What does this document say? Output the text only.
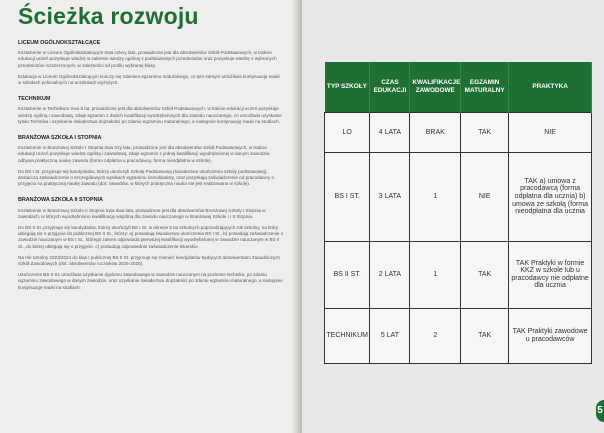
Ścieżka rozwoju
LICEUM OGÓLNOKSZTAŁCĄCE

Kształcenie w Liceum Ogólnokształcącym trwa cztery lata, prowadzone jest dla absolwentów Szkół Podstawowych, w trakcie edukacji uczeń pozyskuje wiedzę w zakresie wiedzy ogólnej z podstawowych przedmiotów oraz pozyskuje wiedzę z wybranych przedmiotów rozszerzonych, w zależności od profilu wybranej klasy.

Edukacja w Liceum Ogólnokształcącym kończy się zdaniem egzaminu maturalnego, co tym samym umożliwia kontynuację nauki w szkołach policealnych na uczelniach wyższych.

TECHNIKUM

Kształcenie w Technikum trwa 5 lat, prowadzone jest dla absolwentów Szkół Podstawowych, w trakcie edukacji uczeń pozyskuje wiedzę ogólną i zawodową, zdaje egzamin z dwóch kwalifikacji wyodrębnionych dla zawodu nauczanego, co umożliwia uzyskanie tytułu Technika i uzyskanie świadectwa dojrzałości po zdaniu egzaminu maturalnego, a następnie kontynuację nauki na studiach.

BRANŻOWA SZKOŁA I STOPNIA

Kształcenie w Branżowej Szkole I Stopnia trwa trzy lata, prowadzone jest dla absolwentów Szkół Podstawowych, w trakcie edukacji uczeń pozyskuje wiedzę ogólną i zawodową, zdaje egzamin z jednej kwalifikacji wyodrębnionej w danym zawodzie, odbywa praktyczną naukę zawodu (forma odpłatna u pracodawcy, forma nieodpłatna w szkole).

Do BS I St. przyjmuje się kandydatów, którzy ukończyli Szkołę Podstawową (świadectwo ukończenia szkoły podstawowej), dostarczą zaświadczenie o szczegółowych wynikach egzaminu ósmoklasisty, oraz pozyskają zaświadczenie od pracodawcy o przyjęciu na praktyczną naukę zawodu (dot. zawodów, w których praktyczna nauka nie jest realizowana w szkole).

BRANŻOWA SZKOŁA II STOPNIA

Kształcenie w Branżowej Szkole II Stopnia trwa dwa lata, prowadzone jest dla absolwentów Branżowej Szkoły I Stopnia w zawodach, w których wyodrębniono kwalifikację wspólną dla zawodu nauczanego w Branżowej Szkole I i II Stopnia.

Do BS II St. przyjmuje się kandydatów, którzy ukończyli BS I St. w okresie 5 lat szkolnych poprzedzających rok szkolny, na który ubiegają się o przyjęcie do publicznej BS II St., którzy: a) posiadają świadectwo ukończenia BS I St., b) posiadają zaświadczenie o zawodzie nauczanym w BS I St., którego zakres odpowiada pierwszej kwalifikacji wyodrębnionej w zawodzie nauczanym w BS II St., do której ubiegają się o przyjęcie, c) posiadają odpowiednie zaświadczenie lekarskie.

Na rok szkolny 2023/2024 do klas I publicznej BS II St. przyjmuje się również kandydatów będących absolwentami Zasadniczych Szkół Zawodowych (dot. absolwentów roczników 2015-2020).

Ukończenie BS II St. umożliwia uzyskanie dyplomu zawodowego w zawodzie nauczanym na poziomie technika, po zdaniu egzaminu zawodowego w danym zawodzie, oraz uzyskanie świadectwa dojrzałości po zdaniu egzaminu maturalnego, a następnie kontynuację nauki na studiach.

5
TYP SZKOŁY	CZAS EDUKACJI	KWALIFIKACJE ZAWODOWE	EGZAMIN MATURALNY	PRAKTYKA
LO	4 LATA	BRAK	TAK	NIE
BS I ST.	3 LATA	1	NIE	TAK a) umowa z pracodawcą (forma odpłatna dla ucznia) b) umowa ze szkołą (forma nieodpłatna dla ucznia
BS II ST.	2 LATA	1	TAK	TAK Praktyki w formie KKZ w szkole lub u pracodawcy nie odpłatne dla ucznia
TECHNIKUM	5 LAT	2	TAK	TAK Praktyki zawodowe u pracodawców
